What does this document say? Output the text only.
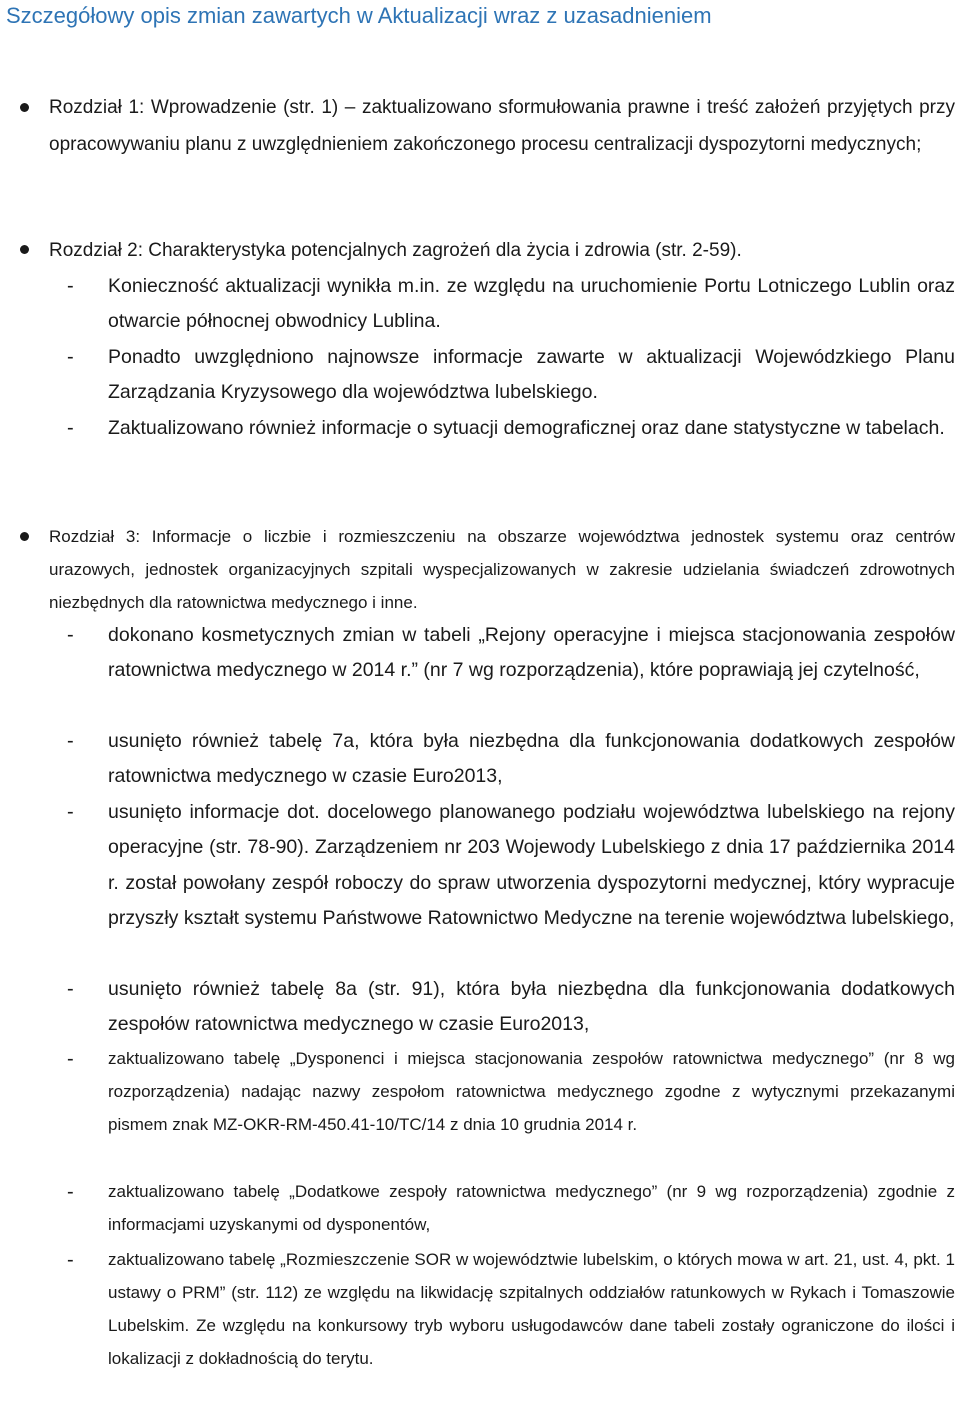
Szczegółowy opis zmian zawartych w Aktualizacji wraz z uzasadnieniem

Rozdział 1: Wprowadzenie (str. 1) – zaktualizowano sformułowania prawne i treść założeń przyjętych przy opracowywaniu planu z uwzględnieniem zakończonego procesu centralizacji dyspozytorni medycznych;

Rozdział 2: Charakterystyka potencjalnych zagrożeń dla życia i zdrowia (str. 2-59).

- Konieczność aktualizacji wynikła m.in. ze względu na uruchomienie Portu Lotniczego Lublin oraz otwarcie północnej obwodnicy Lublina.

- Ponadto uwzględniono najnowsze informacje zawarte w aktualizacji Wojewódzkiego Planu Zarządzania Kryzysowego dla województwa lubelskiego.

- Zaktualizowano również informacje o sytuacji demograficznej oraz dane statystyczne w tabelach.

Rozdział 3: Informacje o liczbie i rozmieszczeniu na obszarze województwa jednostek systemu oraz centrów urazowych, jednostek organizacyjnych szpitali wyspecjalizowanych w zakresie udzielania świadczeń zdrowotnych niezbędnych dla ratownictwa medycznego i inne.

- dokonano kosmetycznych zmian w tabeli „Rejony operacyjne i miejsca stacjonowania zespołów ratownictwa medycznego w 2014 r.” (nr 7 wg rozporządzenia), które poprawiają jej czytelność,

- usunięto również tabelę 7a, która była niezbędna dla funkcjonowania dodatkowych zespołów ratownictwa medycznego w czasie Euro2013,

- usunięto informacje dot. docelowego planowanego podziału województwa lubelskiego na rejony operacyjne (str. 78-90). Zarządzeniem nr 203 Wojewody Lubelskiego z dnia 17 października 2014 r. został powołany zespół roboczy do spraw utworzenia dyspozytorni medycznej, który wypracuje przyszły kształt systemu Państwowe Ratownictwo Medyczne na terenie województwa lubelskiego,

- usunięto również tabelę 8a (str. 91), która była niezbędna dla funkcjonowania dodatkowych zespołów ratownictwa medycznego w czasie Euro2013,

- zaktualizowano tabelę „Dysponenci i miejsca stacjonowania zespołów ratownictwa medycznego” (nr 8 wg rozporządzenia) nadając nazwy zespołom ratownictwa medycznego zgodne z wytycznymi przekazanymi pismem znak MZ-OKR-RM-450.41-10/TC/14 z dnia 10 grudnia 2014 r.

- zaktualizowano tabelę „Dodatkowe zespoły ratownictwa medycznego” (nr 9 wg rozporządzenia) zgodnie z informacjami uzyskanymi od dysponentów,

- zaktualizowano tabelę „Rozmieszczenie SOR w województwie lubelskim, o których mowa w art. 21, ust. 4, pkt. 1 ustawy o PRM” (str. 112) ze względu na likwidację szpitalnych oddziałów ratunkowych w Rykach i Tomaszowie Lubelskim. Ze względu na konkursowy tryb wyboru usługodawców dane tabeli zostały ograniczone do ilości i lokalizacji z dokładnością do terytu.
